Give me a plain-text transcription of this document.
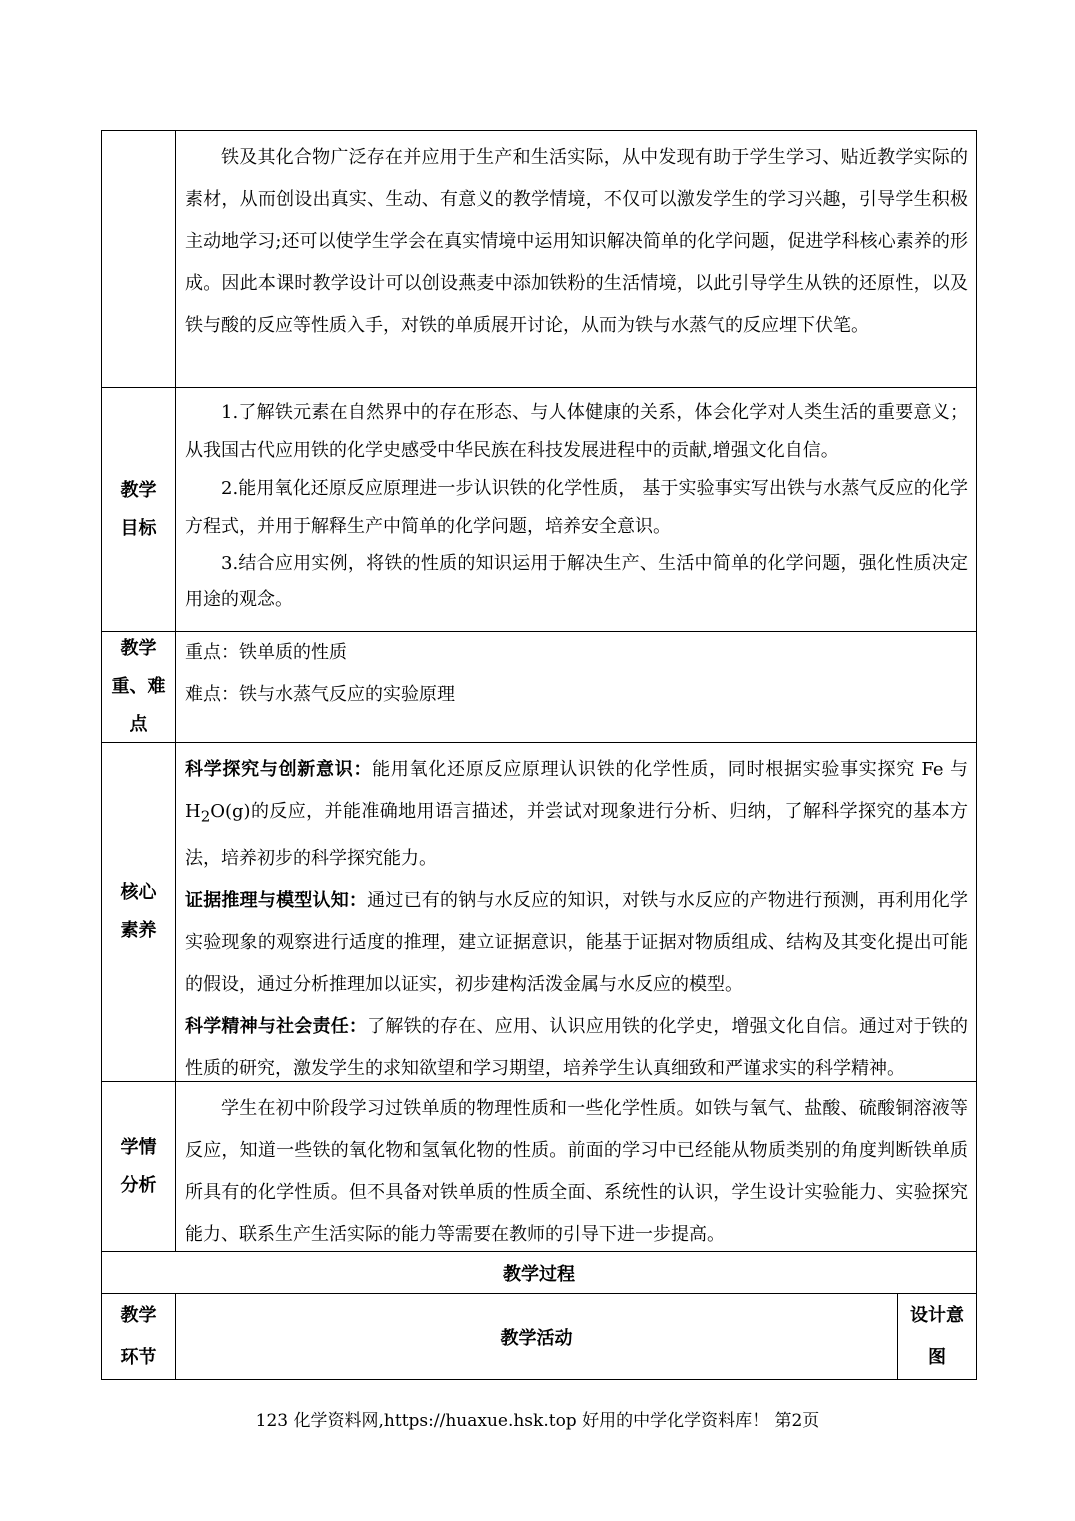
铁及其化合物广泛存在并应用于生产和生活实际，从中发现有助于学生学习、贴近教学实际的素材，从而创设出真实、生动、有意义的教学情境，不仅可以激发学生的学习兴趣，引导学生积极主动地学习;还可以使学生学会在真实情境中运用知识解决简单的化学问题，促进学科核心素养的形成。因此本课时教学设计可以创设燕麦中添加铁粉的生活情境，以此引导学生从铁的还原性，以及铁与酸的反应等性质入手，对铁的单质展开讨论，从而为铁与水蒸气的反应埋下伏笔。

教学
目标

1.了解铁元素在自然界中的存在形态、与人体健康的关系，体会化学对人类生活的重要意义；从我国古代应用铁的化学史感受中华民族在科技发展进程中的贡献,增强文化自信。

2.能用氧化还原反应原理进一步认识铁的化学性质， 基于实验事实写出铁与水蒸气反应的化学方程式，并用于解释生产中简单的化学问题，培养安全意识。

3.结合应用实例，将铁的性质的知识运用于解决生产、生活中简单的化学问题，强化性质决定用途的观念。

教学
重、难
点

重点：铁单质的性质

难点：铁与水蒸气反应的实验原理

核心
素养

科学探究与创新意识：能用氧化还原反应原理认识铁的化学性质，同时根据实验事实探究 Fe 与 $H_2O(g)$的反应，并能准确地用语言描述，并尝试对现象进行分析、归纳，了解科学探究的基本方法，培养初步的科学探究能力。

证据推理与模型认知：通过已有的钠与水反应的知识，对铁与水反应的产物进行预测，再利用化学实验现象的观察进行适度的推理，建立证据意识，能基于证据对物质组成、结构及其变化提出可能的假设，通过分析推理加以证实，初步建构活泼金属与水反应的模型。

科学精神与社会责任：了解铁的存在、应用、认识应用铁的化学史，增强文化自信。通过对于铁的性质的研究，激发学生的求知欲望和学习期望，培养学生认真细致和严谨求实的科学精神。

学情
分析

学生在初中阶段学习过铁单质的物理性质和一些化学性质。如铁与氧气、盐酸、硫酸铜溶液等反应，知道一些铁的氧化物和氢氧化物的性质。前面的学习中已经能从物质类别的角度判断铁单质所具有的化学性质。但不具备对铁单质的性质全面、系统性的认识，学生设计实验能力、实验探究能力、联系生产生活实际的能力等需要在教师的引导下进一步提高。

教学过程
教学
环节
教学活动
设计意
图
123 化学资料网,https://huaxue.hsk.top 好用的中学化学资料库！ 第2页
